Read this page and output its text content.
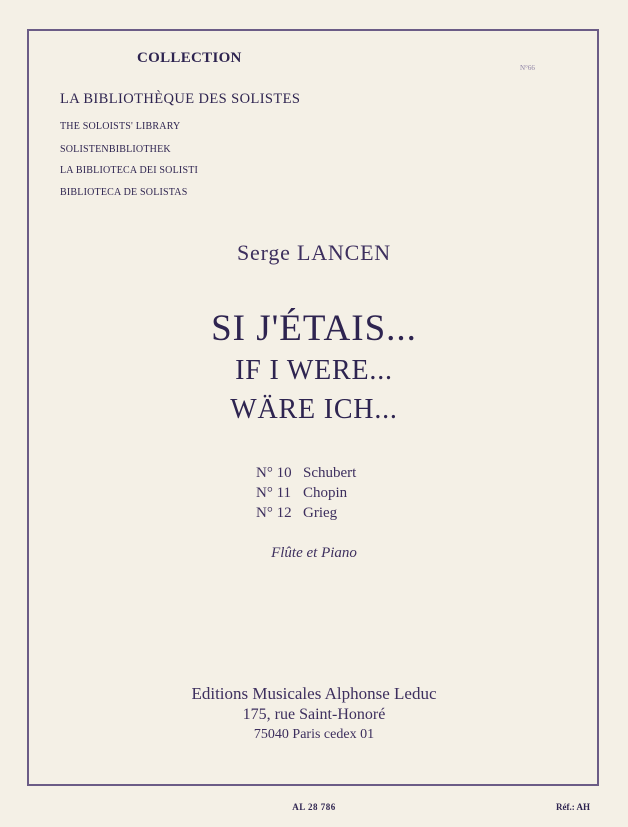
COLLECTION
N°66
LA BIBLIOTHÈQUE DES SOLISTES
THE SOLOISTS' LIBRARY
SOLISTENBIBLIOTHEK
LA BIBLIOTECA DEI SOLISTI
BIBLIOTECA DE SOLISTAS
Serge LANCEN
SI J'ÉTAIS...
IF I WERE...
WÄRE ICH...
N° 10 Schubert
N° 11 Chopin
N° 12 Grieg
Flûte et Piano
Editions Musicales Alphonse Leduc
175, rue Saint-Honoré
75040 Paris cedex 01
AL 28 786	Réf.: AH
